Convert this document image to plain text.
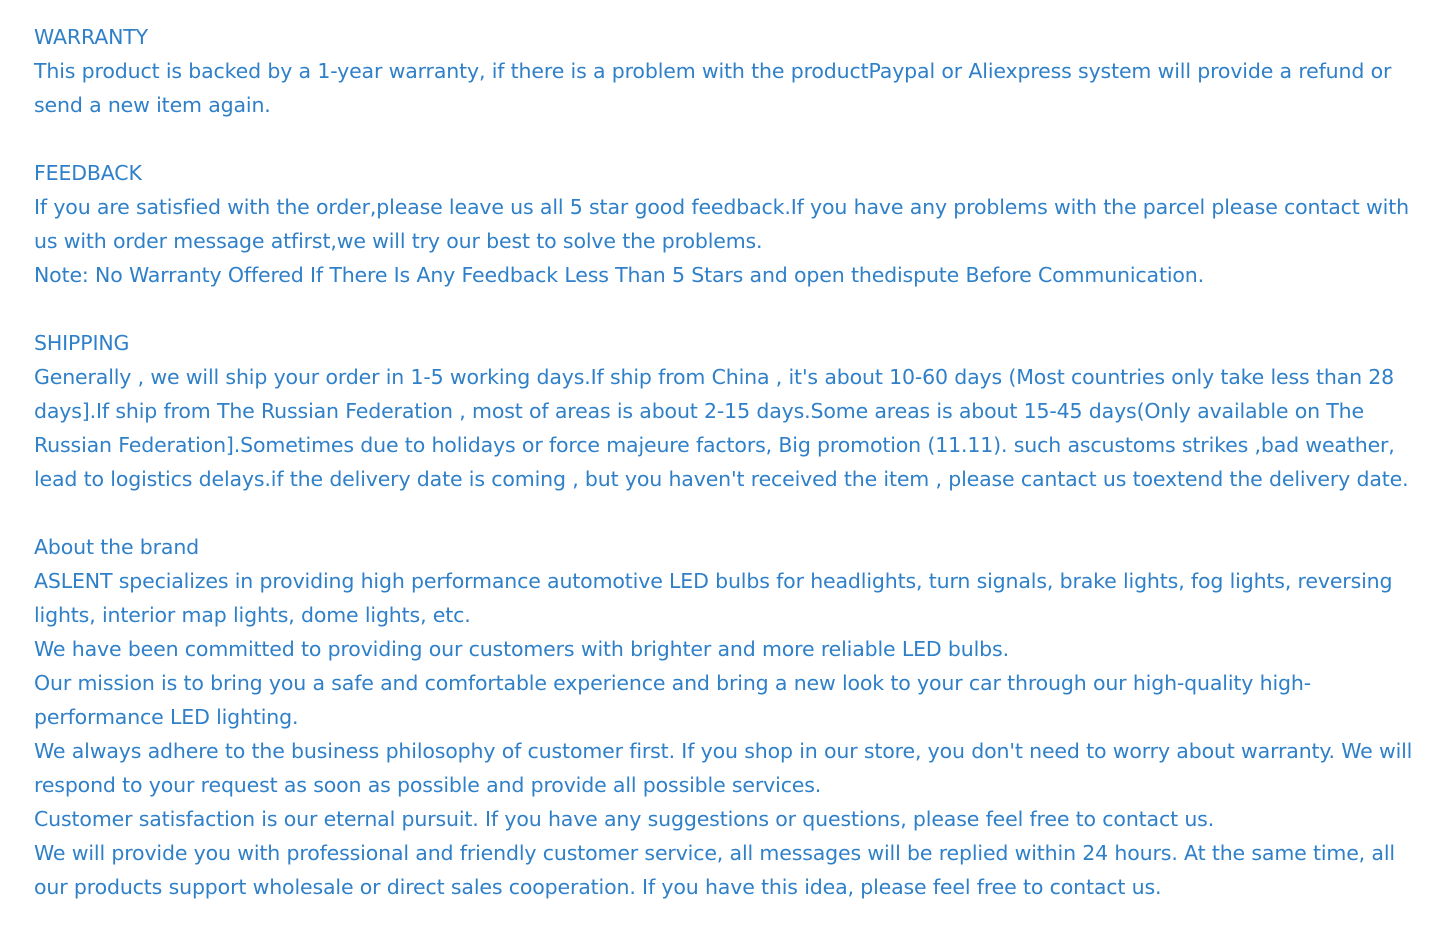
WARRANTY
This product is backed by a 1-year warranty, if there is a problem with the productPaypal or Aliexpress system will provide a refund or send a new item again.
FEEDBACK
If you are satisfied with the order,please leave us all 5 star good feedback.If you have any problems with the parcel please contact with us with order message atfirst,we will try our best to solve the problems.
Note: No Warranty Offered If There Is Any Feedback Less Than 5 Stars and open thedispute Before Communication.
SHIPPING
Generally , we will ship your order in 1-5 working days.If ship from China , it's about 10-60 days (Most countries only take less than 28 days].If ship from The Russian Federation , most of areas is about 2-15 days.Some areas is about 15-45 days(Only available on The Russian Federation].Sometimes due to holidays or force majeure factors, Big promotion (11.11). such ascustoms strikes ,bad weather, lead to logistics delays.if the delivery date is coming , but you haven't received the item , please cantact us toextend the delivery date.
About the brand
ASLENT specializes in providing high performance automotive LED bulbs for headlights, turn signals, brake lights, fog lights, reversing lights, interior map lights, dome lights, etc.
We have been committed to providing our customers with brighter and more reliable LED bulbs.
Our mission is to bring you a safe and comfortable experience and bring a new look to your car through our high-quality high-performance LED lighting.
We always adhere to the business philosophy of customer first. If you shop in our store, you don't need to worry about warranty. We will respond to your request as soon as possible and provide all possible services.
Customer satisfaction is our eternal pursuit. If you have any suggestions or questions, please feel free to contact us.
We will provide you with professional and friendly customer service, all messages will be replied within 24 hours. At the same time, all our products support wholesale or direct sales cooperation. If you have this idea, please feel free to contact us.
